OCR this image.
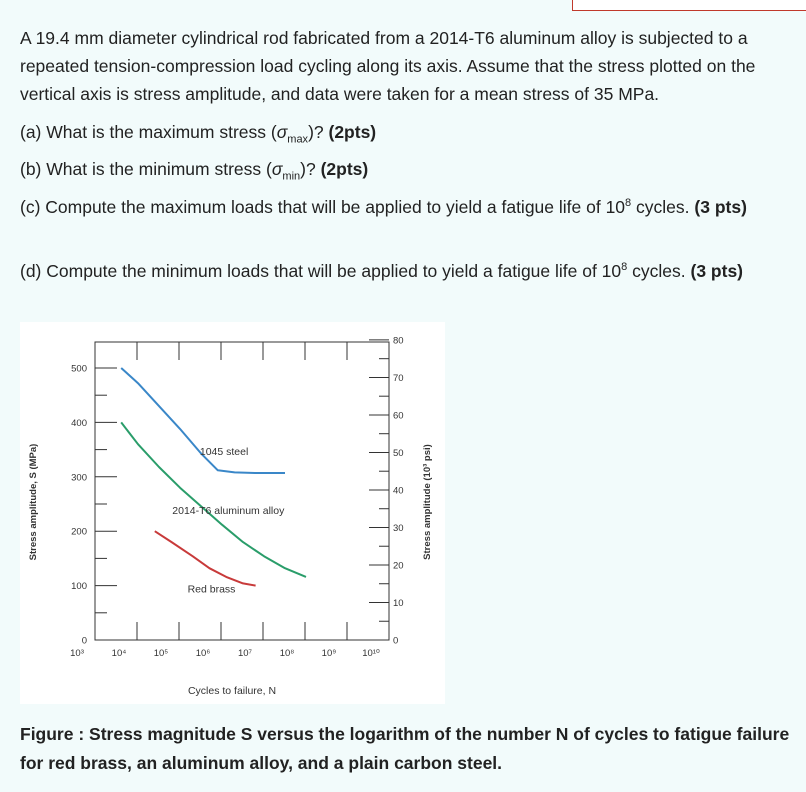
A 19.4 mm diameter cylindrical rod fabricated from a 2014-T6 aluminum alloy is subjected to a repeated tension-compression load cycling along its axis. Assume that the stress plotted on the vertical axis is stress amplitude, and data were taken for a mean stress of 35 MPa.
(a) What is the maximum stress $(\sigma_{max})$? (2pts)
(b) What is the minimum stress $(\sigma_{min})$? (2pts)
(c) Compute the maximum loads that will be applied to yield a fatigue life of $10^8$ cycles. (3 pts)
(d) Compute the minimum loads that will be applied to yield a fatigue life of $10^8$ cycles. (3 pts)
0
100
200
300
400
500
0
10
20
30
40
50
60
70
80
10³	10⁴	10⁵	10⁶	10⁷	10⁸	10⁹	10¹⁰
1045 steel
2014-T6 aluminum alloy
Red brass
Stress amplitude, S (MPa)	Stress amplitude (10³ psi)
Cycles to failure, N
Figure : Stress magnitude S versus the logarithm of the number N of cycles to fatigue failure for red brass, an aluminum alloy, and a plain carbon steel.
